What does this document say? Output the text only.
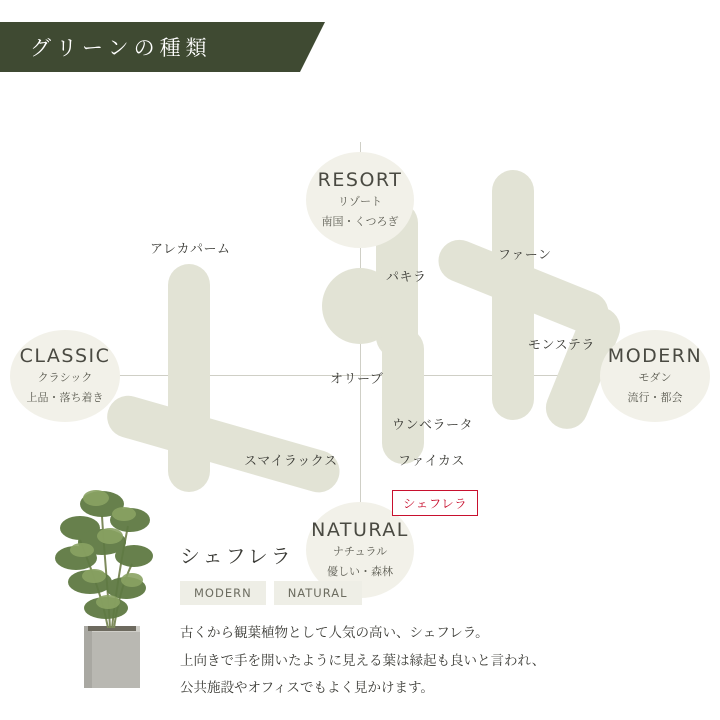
グリーンの種類
CLASSIC
クラシック
上品・落ち着き
MODERN
モダン
流行・都会
RESORT
リゾート
南国・くつろぎ
NATURAL
ナチュラル
優しい・森林
アレカパーム
パキラ
ファーン
モンステラ
オリーブ
ウンベラータ
スマイラックス	ファイカス
シェフレラ
シェフレラ
MODERN	NATURAL

古くから観葉植物として人気の高い、シェフレラ。

上向きで手を開いたように見える葉は縁起も良いと言われ、

公共施設やオフィスでもよく見かけます。
